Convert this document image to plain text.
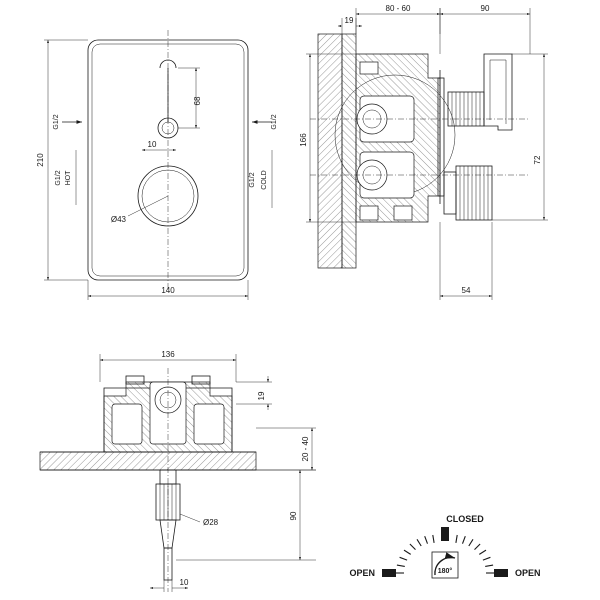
68
10
Ø43
210
140
G1/2
G1/2 HOT
G1/2
G1/2 COLD
80 - 60
19
90
166
72
54
136
19
20 - 40
90
Ø28
10
CLOSED
OPEN	OPEN
180°
